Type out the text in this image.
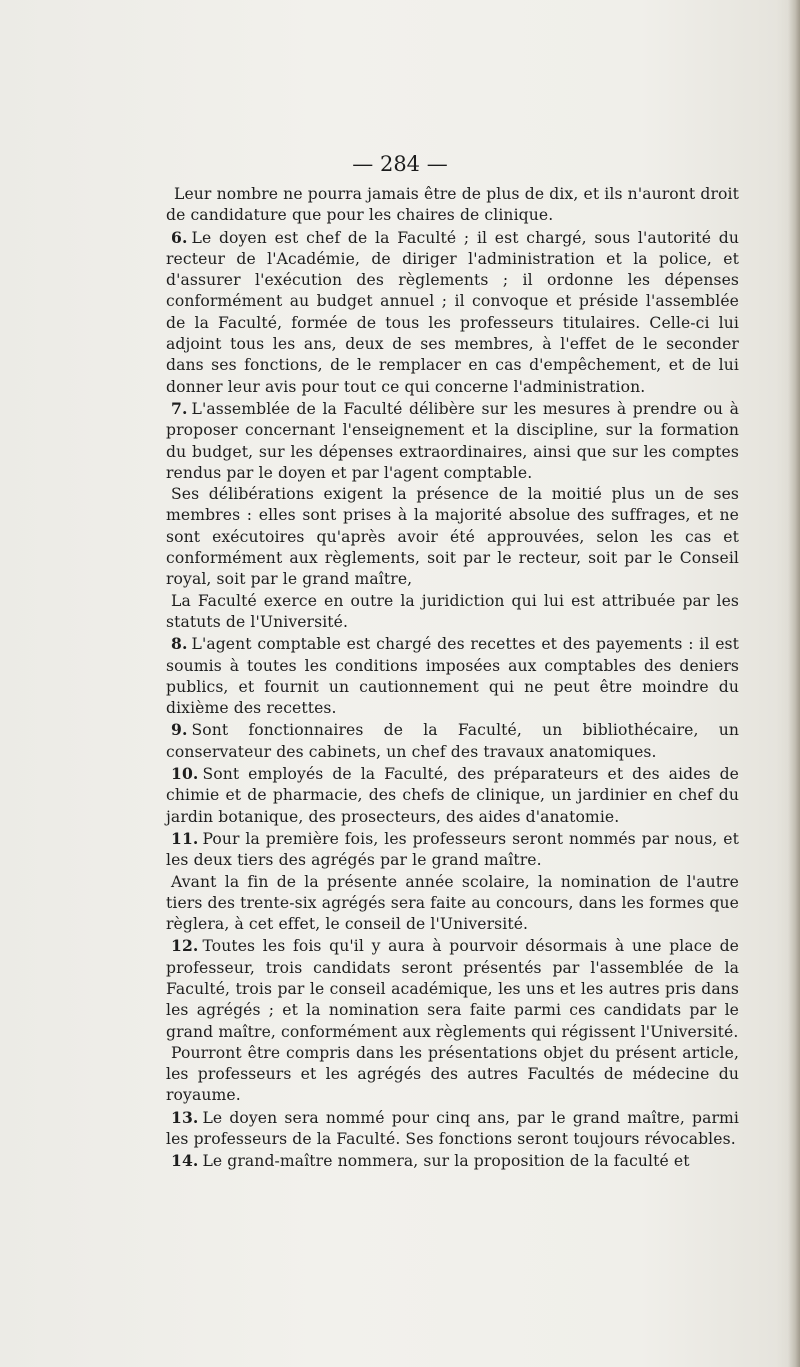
— 284 —

Leur nombre ne pourra jamais être de plus de dix, et ils n'auront droit de candidature que pour les chaires de clinique.

6. Le doyen est chef de la Faculté ; il est chargé, sous l'autorité du recteur de l'Académie, de diriger l'administration et la police, et d'assurer l'exécution des règlements ; il ordonne les dépenses conformément au budget annuel ; il convoque et préside l'assemblée de la Faculté, formée de tous les professeurs titulaires. Celle-ci lui adjoint tous les ans, deux de ses membres, à l'effet de le seconder dans ses fonctions, de le remplacer en cas d'empêchement, et de lui donner leur avis pour tout ce qui concerne l'administration.

7. L'assemblée de la Faculté délibère sur les mesures à prendre ou à proposer concernant l'enseignement et la discipline, sur la formation du budget, sur les dépenses extraordinaires, ainsi que sur les comptes rendus par le doyen et par l'agent comptable.

Ses délibérations exigent la présence de la moitié plus un de ses membres : elles sont prises à la majorité absolue des suffrages, et ne sont exécutoires qu'après avoir été approuvées, selon les cas et conformément aux règlements, soit par le recteur, soit par le Conseil royal, soit par le grand maître,

La Faculté exerce en outre la juridiction qui lui est attribuée par les statuts de l'Université.

8. L'agent comptable est chargé des recettes et des payements : il est soumis à toutes les conditions imposées aux comptables des deniers publics, et fournit un cautionnement qui ne peut être moindre du dixième des recettes.

9. Sont fonctionnaires de la Faculté, un bibliothécaire, un conservateur des cabinets, un chef des travaux anatomiques.

10. Sont employés de la Faculté, des préparateurs et des aides de chimie et de pharmacie, des chefs de clinique, un jardinier en chef du jardin botanique, des prosecteurs, des aides d'anatomie.

11. Pour la première fois, les professeurs seront nommés par nous, et les deux tiers des agrégés par le grand maître.

Avant la fin de la présente année scolaire, la nomination de l'autre tiers des trente-six agrégés sera faite au concours, dans les formes que règlera, à cet effet, le conseil de l'Université.

12. Toutes les fois qu'il y aura à pourvoir désormais à une place de professeur, trois candidats seront présentés par l'assemblée de la Faculté, trois par le conseil académique, les uns et les autres pris dans les agrégés ; et la nomination sera faite parmi ces candidats par le grand maître, conformément aux règlements qui régissent l'Université.

Pourront être compris dans les présentations objet du présent article, les professeurs et les agrégés des autres Facultés de médecine du royaume.

13. Le doyen sera nommé pour cinq ans, par le grand maître, parmi les professeurs de la Faculté. Ses fonctions seront toujours révocables.

14. Le grand-maître nommera, sur la proposition de la faculté et
